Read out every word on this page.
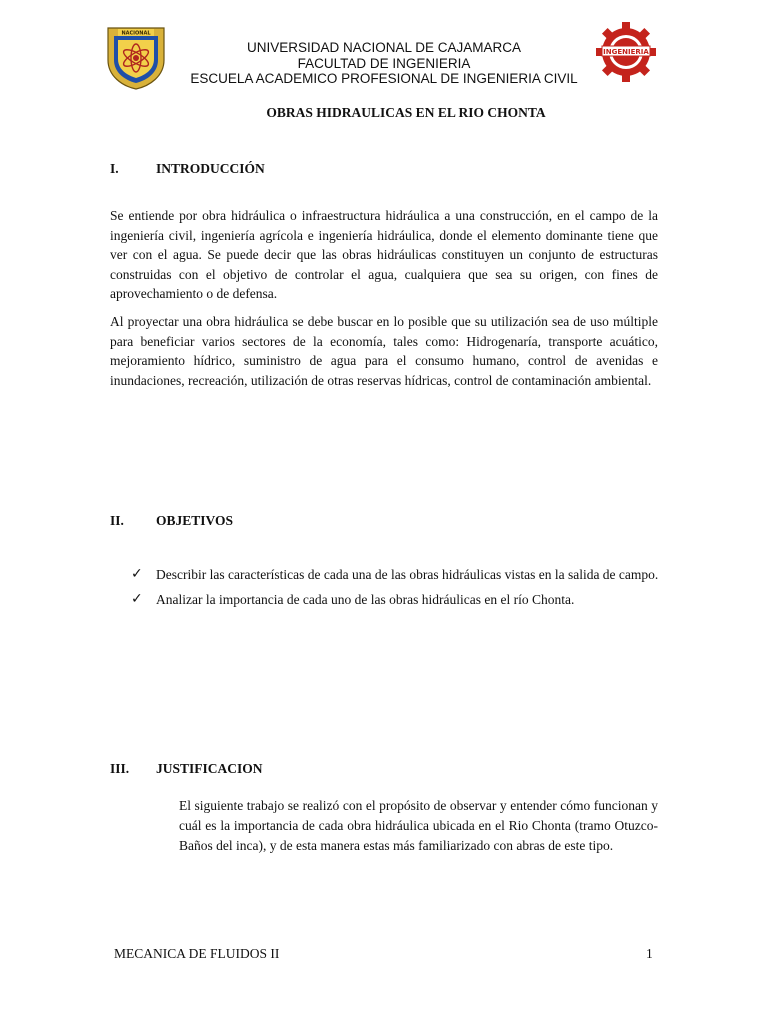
NACIONAL
INGENIERIA
UNIVERSIDAD NACIONAL DE CAJAMARCA
FACULTAD DE INGENIERIA
ESCUELA ACADEMICO PROFESIONAL DE INGENIERIA CIVIL
OBRAS HIDRAULICAS EN EL RIO CHONTA
I.	INTRODUCCIÓN

Se entiende por obra hidráulica o infraestructura hidráulica a una construcción, en el campo de la ingeniería civil, ingeniería agrícola e ingeniería hidráulica, donde el elemento dominante tiene que ver con el agua. Se puede decir que las obras hidráulicas constituyen un conjunto de estructuras construidas con el objetivo de controlar el agua, cualquiera que sea su origen, con fines de aprovechamiento o de defensa.

Al proyectar una obra hidráulica se debe buscar en lo posible que su utilización sea de uso múltiple para beneficiar varios sectores de la economía, tales como: Hidrogenaría, transporte acuático, mejoramiento hídrico, suministro de agua para el consumo humano, control de avenidas e inundaciones, recreación, utilización de otras reservas hídricas, control de contaminación ambiental.

II. OBJETIVOS
✓ Describir las características de cada una de las obras hidráulicas vistas en la salida de campo.
✓ Analizar la importancia de cada uno de las obras hidráulicas en el río Chonta.
III. JUSTIFICACION

El siguiente trabajo se realizó con el propósito de observar y entender cómo funcionan y cuál es la importancia de cada obra hidráulica ubicada en el Rio Chonta (tramo Otuzco-Baños del inca), y de esta manera estas más familiarizado con abras de este tipo.

MECANICA DE FLUIDOS II	1
